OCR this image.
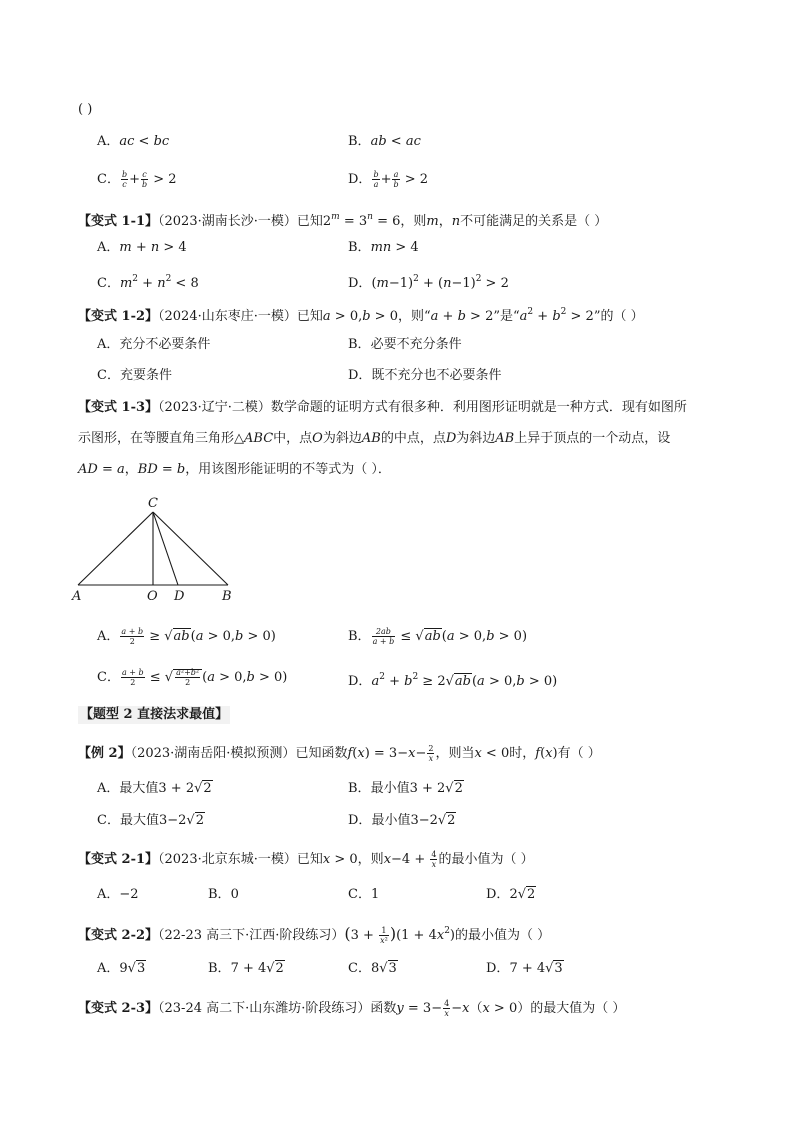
( )
A．ac < bc	B．ab < ac
C． $\frac{b}{c} + \frac{c}{b} > 2$	D． $\frac{b}{a} + \frac{a}{b} > 2$
【变式 1-1】（2023·湖南长沙·一模）已知$2^m = 3^n = 6$，则m，n不可能满足的关系是（ ）
A．m + n > 4	B．mn > 4
C．$m^2 + n^2 < 8$	D．$(m-1)^2 + (n-1)^2 > 2$
【变式 1-2】（2024·山东枣庄·一模）已知a > 0,b > 0，则“a + b > 2”是“$a^2 + b^2 > 2$”的（ ）
A．充分不必要条件	B．必要不充分条件
C．充要条件	D．既不充分也不必要条件
【变式 1-3】（2023·辽宁·二模）数学命题的证明方式有很多种．利用图形证明就是一种方式．现有如图所
示图形，在等腰直角三角形△ABC中，点O为斜边AB的中点，点D为斜边AB上异于顶点的一个动点，设
AD = a，BD = b，用该图形能证明的不等式为（ ）．
C
A	O D	B
A． $\frac{a + b}{2} \ge √ab(a > 0,b > 0)$	B． $\frac{2ab}{a + b} \le √ab(a > 0,b > 0)$
C． $\frac{a + b}{2}$ ≤ √ $\frac{\text{a²+b²}}{2} (a > 0,b > 0)$	D．$a^2 + b^2 \ge 2√ab(a > 0,b > 0)$
【题型 2 直接法求最值】
【例 2】（2023·湖南岳阳·模拟预测）已知函数$f(x) = 3-x- \frac{2}{x}$ ，则当x < 0时，f(x)有（ ）
A．最大值3 + 2√2	B．最小值3 + 2√2
C．最大值3−2√2	D．最小值3−2√2
【变式 2-1】（2023·北京东城·一模）已知x > 0，则$x-4 + \frac{4}{x}$ 的最小值为（ ）
A．−2	B．0	C．1	D．2√2
【变式 2-2】（22-23 高三下·江西·阶段练习）$(3 + \frac{1}{\text{x²}} )(1 + 4x^2)$的最小值为（ ）
A．9√3	B．7 + 4√2	C．8√3	D．7 + 4√3
【变式 2-3】（23-24 高二下·山东潍坊·阶段练习）函数$y = 3- \frac{4}{x} -x(x > 0)$的最大值为（ ）
